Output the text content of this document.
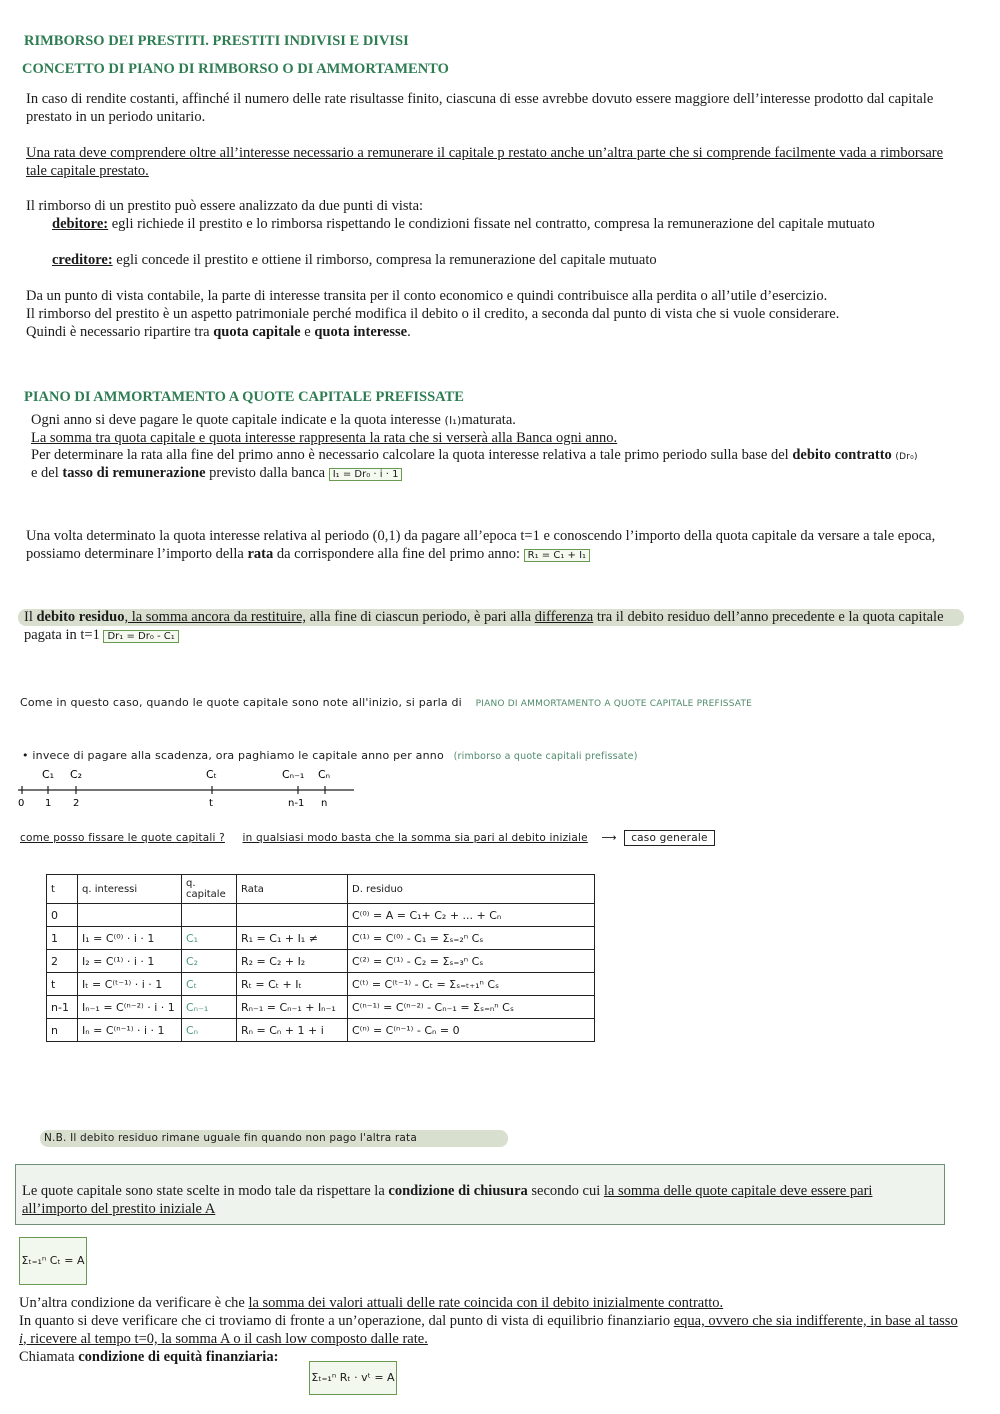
RIMBORSO DEI PRESTITI. PRESTITI INDIVISI E DIVISI
CONCETTO DI PIANO DI RIMBORSO O DI AMMORTAMENTO
In caso di rendite costanti, affinché il numero delle rate risultasse finito, ciascuna di esse avrebbe dovuto essere maggiore dell’interesse prodotto dal capitale prestato in un periodo unitario.
Una rata deve comprendere oltre all’interesse necessario a remunerare il capitale p restato anche un’altra parte che si comprende facilmente vada a rimborsare tale capitale prestato.
Il rimborso di un prestito può essere analizzato da due punti di vista:
debitore: egli richiede il prestito e lo rimborsa rispettando le condizioni fissate nel contratto, compresa la remunerazione del capitale mutuato
creditore: egli concede il prestito e ottiene il rimborso, compresa la remunerazione del capitale mutuato
Da un punto di vista contabile, la parte di interesse transita per il conto economico e quindi contribuisce alla perdita o all’utile d’esercizio.
Il rimborso del prestito è un aspetto patrimoniale perché modifica il debito o il credito, a seconda dal punto di vista che si vuole considerare.
Quindi è necessario ripartire tra quota capitale e quota interesse.
PIANO DI AMMORTAMENTO A QUOTE CAPITALE PREFISSATE
Ogni anno si deve pagare le quote capitale indicate e la quota interesse (I₁)maturata.
La somma tra quota capitale e quota interesse rappresenta la rata che si verserà alla Banca ogni anno.
Per determinare la rata alla fine del primo anno è necessario calcolare la quota interesse relativa a tale primo periodo sulla base del debito contratto (Dr₀)
e del tasso di remunerazione previsto dalla banca I₁ = Dr₀ · i · 1
Una volta determinato la quota interesse relativa al periodo (0,1) da pagare all’epoca t=1 e conoscendo l’importo della quota capitale da versare a tale epoca, possiamo determinare l’importo della rata da corrispondere alla fine del primo anno: R₁ = C₁ + I₁
Il debito residuo, la somma ancora da restituire, alla fine di ciascun periodo, è pari alla differenza tra il debito residuo dell’anno precedente e la quota capitale pagata in t=1 Dr₁ = Dr₀ - C₁
Come in questo caso, quando le quote capitale sono note all'inizio, si parla di PIANO DI AMMORTAMENTO A QUOTE CAPITALE PREFISSATE
• invece di pagare alla scadenza, ora paghiamo le capitale anno per anno (rimborso a quote capitali prefissate)
C₁ C₂	Cₜ	Cₙ₋₁ Cₙ
0 1 2	t	n-1 n
come posso fissare le quote capitali ? in qualsiasi modo basta che la somma sia pari al debito iniziale ⟶ caso generale
t	q. interessi	q. capitale	Rata	D. residuo
0				C⁽⁰⁾ = A = C₁+ C₂ + ... + Cₙ
1	I₁ = C⁽⁰⁾ · i · 1	C₁	R₁ = C₁ + I₁ ≠	C⁽¹⁾ = C⁽⁰⁾ - C₁ = Σₛ₌₂ⁿ Cₛ
2	I₂ = C⁽¹⁾ · i · 1	C₂	R₂ = C₂ + I₂	C⁽²⁾ = C⁽¹⁾ - C₂ = Σₛ₌₃ⁿ Cₛ
t	Iₜ = C⁽ᵗ⁻¹⁾ · i · 1	Cₜ	Rₜ = Cₜ + Iₜ	C⁽ᵗ⁾ = C⁽ᵗ⁻¹⁾ - Cₜ = Σₛ₌ₜ₊₁ⁿ Cₛ
n-1	Iₙ₋₁ = C⁽ⁿ⁻²⁾ · i · 1	Cₙ₋₁	Rₙ₋₁ = Cₙ₋₁ + Iₙ₋₁	C⁽ⁿ⁻¹⁾ = C⁽ⁿ⁻²⁾ - Cₙ₋₁ = Σₛ₌ₙⁿ Cₛ
n	Iₙ = C⁽ⁿ⁻¹⁾ · i · 1	Cₙ	Rₙ = Cₙ + 1 + i	C⁽ⁿ⁾ = C⁽ⁿ⁻¹⁾ - Cₙ = 0
N.B. Il debito residuo rimane uguale fin quando non pago l'altra rata
Le quote capitale sono state scelte in modo tale da rispettare la condizione di chiusura secondo cui la somma delle quote capitale deve essere pari all’importo del prestito iniziale A
Σₜ₌₁ⁿ Cₜ = A
Un’altra condizione da verificare è che la somma dei valori attuali delle rate coincida con il debito inizialmente contratto.
In quanto si deve verificare che ci troviamo di fronte a un’operazione, dal punto di vista di equilibrio finanziario equa, ovvero che sia indifferente, in base al tasso i, ricevere al tempo t=0, la somma A o il cash low composto dalle rate.
Chiamata condizione di equità finanziaria:
Σₜ₌₁ⁿ Rₜ · vᵗ = A
